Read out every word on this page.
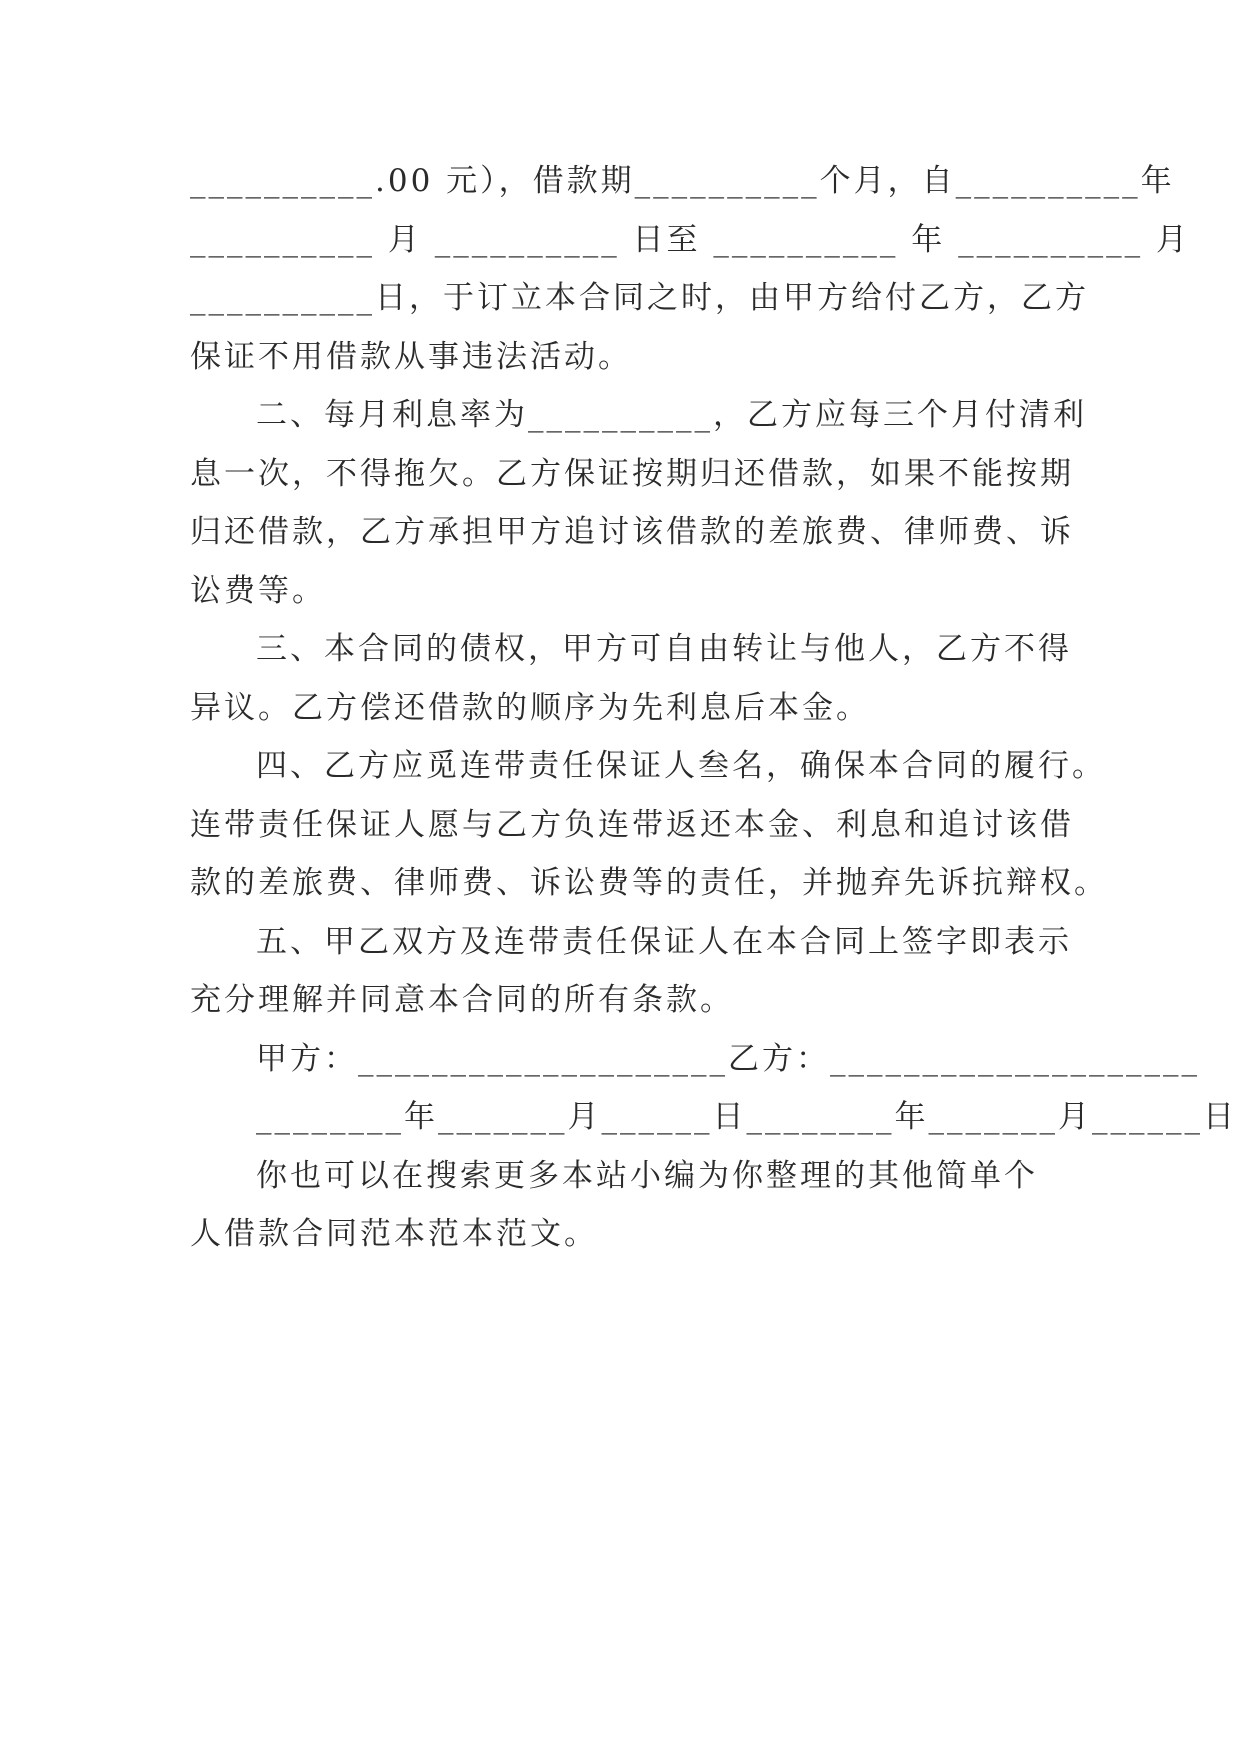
__________.00 元），借款期__________个月，自__________年
__________ 月 __________ 日至 __________ 年 __________ 月
__________日，于订立本合同之时，由甲方给付乙方，乙方
保证不用借款从事违法活动。
二、每月利息率为__________，乙方应每三个月付清利
息一次，不得拖欠。乙方保证按期归还借款，如果不能按期
归还借款，乙方承担甲方追讨该借款的差旅费、律师费、诉
讼费等。
三、本合同的债权，甲方可自由转让与他人，乙方不得
异议。乙方偿还借款的顺序为先利息后本金。
四、乙方应觅连带责任保证人叁名，确保本合同的履行。
连带责任保证人愿与乙方负连带返还本金、利息和追讨该借
款的差旅费、律师费、诉讼费等的责任，并抛弃先诉抗辩权。
五、甲乙双方及连带责任保证人在本合同上签字即表示
充分理解并同意本合同的所有条款。
甲方：____________________乙方：____________________
________年_______月______日________年_______月______日
你也可以在搜索更多本站小编为你整理的其他简单个
人借款合同范本范本范文。
